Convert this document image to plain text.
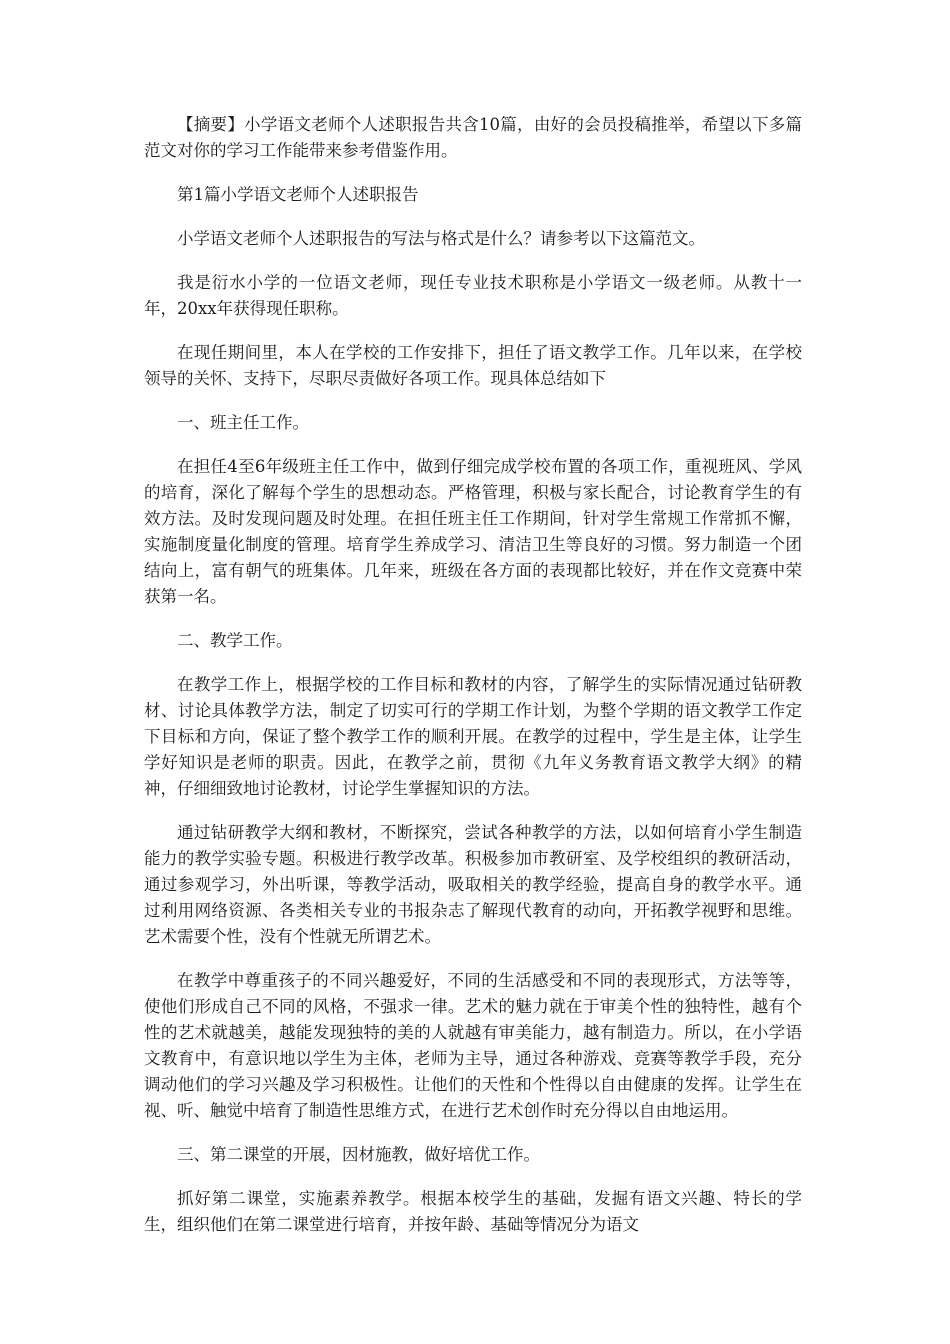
【摘要】小学语文老师个人述职报告共含10篇，由好的会员投稿推举，希望以下多篇范文对你的学习工作能带来参考借鉴作用。

第1篇小学语文老师个人述职报告

小学语文老师个人述职报告的写法与格式是什么？请参考以下这篇范文。

我是衍水小学的一位语文老师，现任专业技术职称是小学语文一级老师。从教十一年，20xx年获得现任职称。

在现任期间里，本人在学校的工作安排下，担任了语文教学工作。几年以来，在学校领导的关怀、支持下，尽职尽责做好各项工作。现具体总结如下

一、班主任工作。

在担任4至6年级班主任工作中，做到仔细完成学校布置的各项工作，重视班风、学风的培育，深化了解每个学生的思想动态。严格管理，积极与家长配合，讨论教育学生的有效方法。及时发现问题及时处理。在担任班主任工作期间，针对学生常规工作常抓不懈，实施制度量化制度的管理。培育学生养成学习、清洁卫生等良好的习惯。努力制造一个团结向上，富有朝气的班集体。几年来，班级在各方面的表现都比较好，并在作文竞赛中荣获第一名。

二、教学工作。

在教学工作上，根据学校的工作目标和教材的内容，了解学生的实际情况通过钻研教材、讨论具体教学方法，制定了切实可行的学期工作计划，为整个学期的语文教学工作定下目标和方向，保证了整个教学工作的顺利开展。在教学的过程中，学生是主体，让学生学好知识是老师的职责。因此，在教学之前，贯彻《九年义务教育语文教学大纲》的精神，仔细细致地讨论教材，讨论学生掌握知识的方法。

通过钻研教学大纲和教材，不断探究，尝试各种教学的方法，以如何培育小学生制造能力的教学实验专题。积极进行教学改革。积极参加市教研室、及学校组织的教研活动，通过参观学习，外出听课，等教学活动，吸取相关的教学经验，提高自身的教学水平。通过利用网络资源、各类相关专业的书报杂志了解现代教育的动向，开拓教学视野和思维。艺术需要个性，没有个性就无所谓艺术。

在教学中尊重孩子的不同兴趣爱好，不同的生活感受和不同的表现形式，方法等等，使他们形成自己不同的风格，不强求一律。艺术的魅力就在于审美个性的独特性，越有个性的艺术就越美，越能发现独特的美的人就越有审美能力，越有制造力。所以，在小学语文教育中，有意识地以学生为主体，老师为主导，通过各种游戏、竞赛等教学手段，充分调动他们的学习兴趣及学习积极性。让他们的天性和个性得以自由健康的发挥。让学生在视、听、触觉中培育了制造性思维方式，在进行艺术创作时充分得以自由地运用。

三、第二课堂的开展，因材施教，做好培优工作。

抓好第二课堂，实施素养教学。根据本校学生的基础，发掘有语文兴趣、特长的学生，组织他们在第二课堂进行培育，并按年龄、基础等情况分为语文
